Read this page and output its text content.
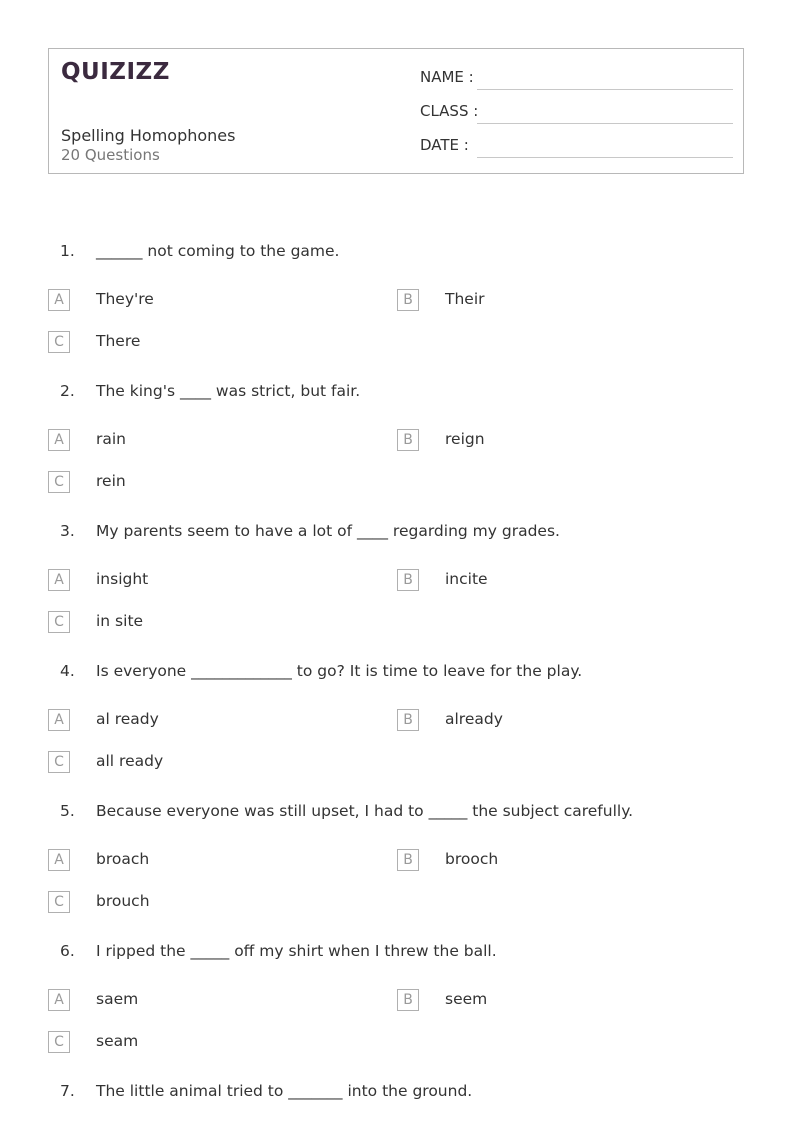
QUIZIZZ
Spelling Homophones
20 Questions
NAME :
CLASS :
DATE :
1. ______ not coming to the game.
A	They're	B	Their
C	There
2. The king's ____ was strict, but fair.
A	rain	B	reign
C	rein
3. My parents seem to have a lot of ____ regarding my grades.
A	insight	B	incite
C	in site
4. Is everyone _____________ to go? It is time to leave for the play.
A	al ready	B	already
C	all ready
5. Because everyone was still upset, I had to _____ the subject carefully.
A	broach	B	brooch
C	brouch
6. I ripped the _____ off my shirt when I threw the ball.
A	saem	B	seem
C	seam
7. The little animal tried to _______ into the ground.
